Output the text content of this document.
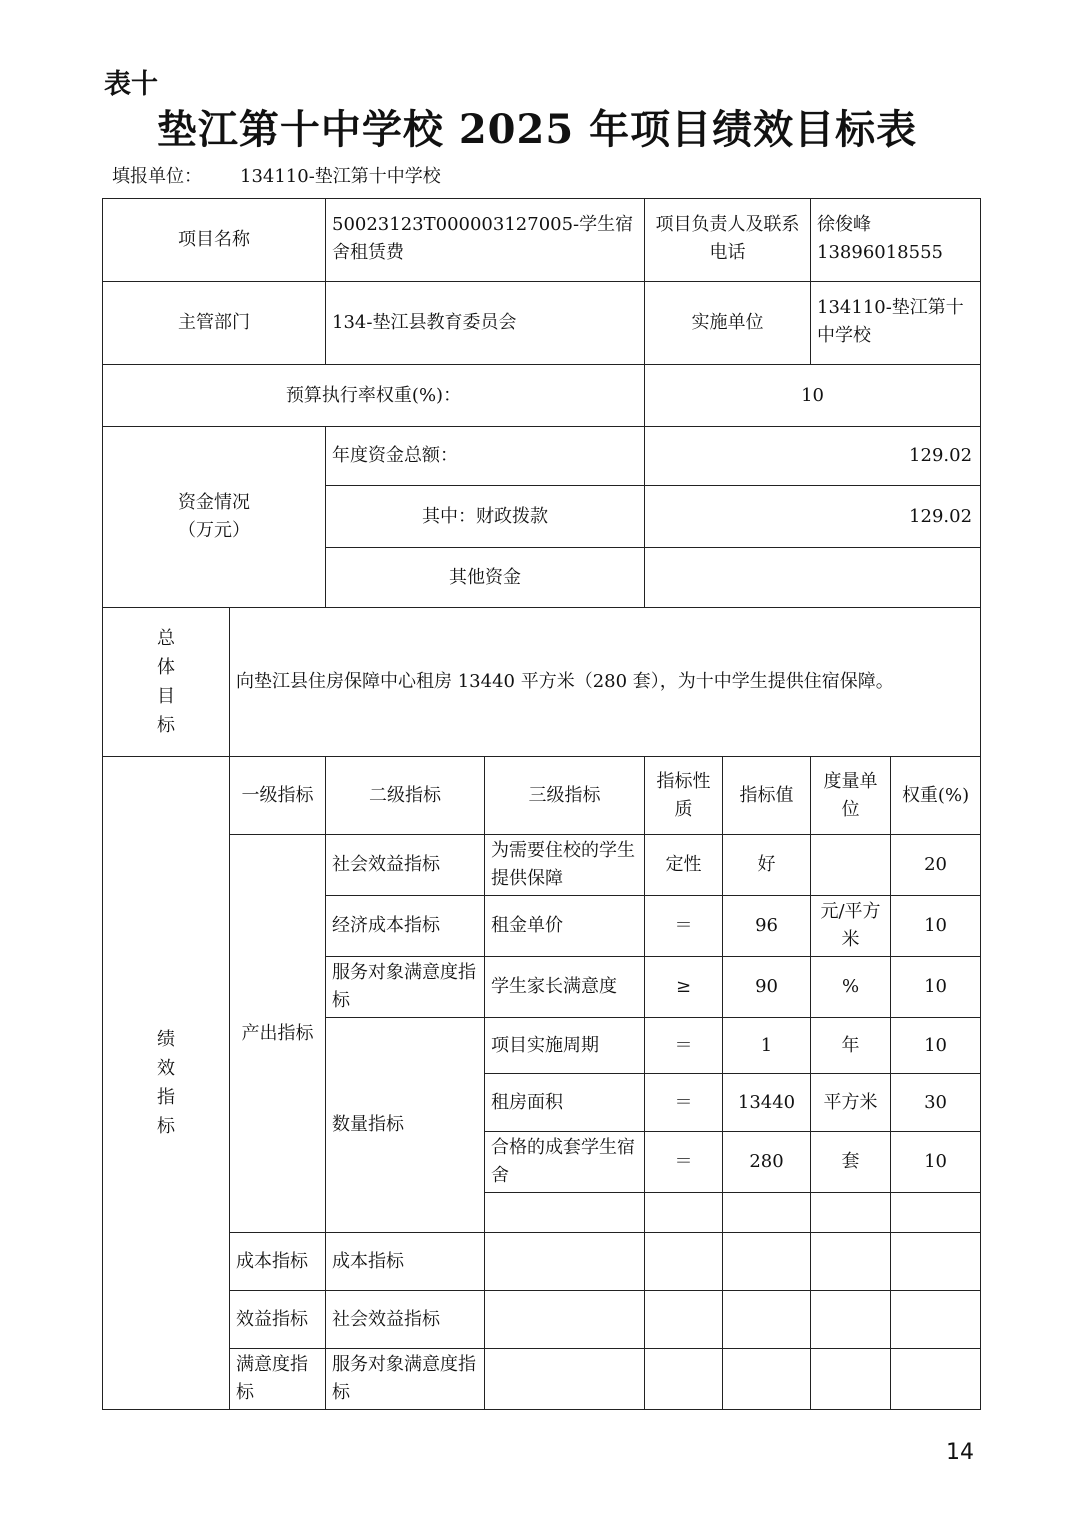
表十
垫江第十中学校 2025 年项目绩效目标表
填报单位： 134110-垫江第十中学校
项目名称		50023123T000003127005-学生宿舍租赁费		项目负责人及联系电话		徐俊峰
13896018555	

主管部门		134-垫江县教育委员会		实施单位		134110-垫江第十中学校	
预算执行率权重(%)：				10			

资金情况
（万元）		年度资金总额：		129.02			
		其中：财政拨款		129.02			
		其他资金					

总
体
目
标	向垫江县住房保障中心租房 13440 平方米（280 套），为十中学生提供住宿保障。						

绩
效
指
标	一级指标	二级指标	三级指标	指标性质	指标值	度量单位	权重(%)
	产出指标	社会效益指标	为需要住校的学生提供保障	定性	好		20
		经济成本指标	租金单价	＝	96	元/平方米	10
		服务对象满意度指标	学生家长满意度	≥	90	%	10
		数量指标	项目实施周期	＝	1	年	10
			租房面积	＝	13440	平方米	30
			合格的成套学生宿舍	＝	280	套	10

	成本指标	成本指标					
	效益指标	社会效益指标					
	满意度指标	服务对象满意度指标					
14
